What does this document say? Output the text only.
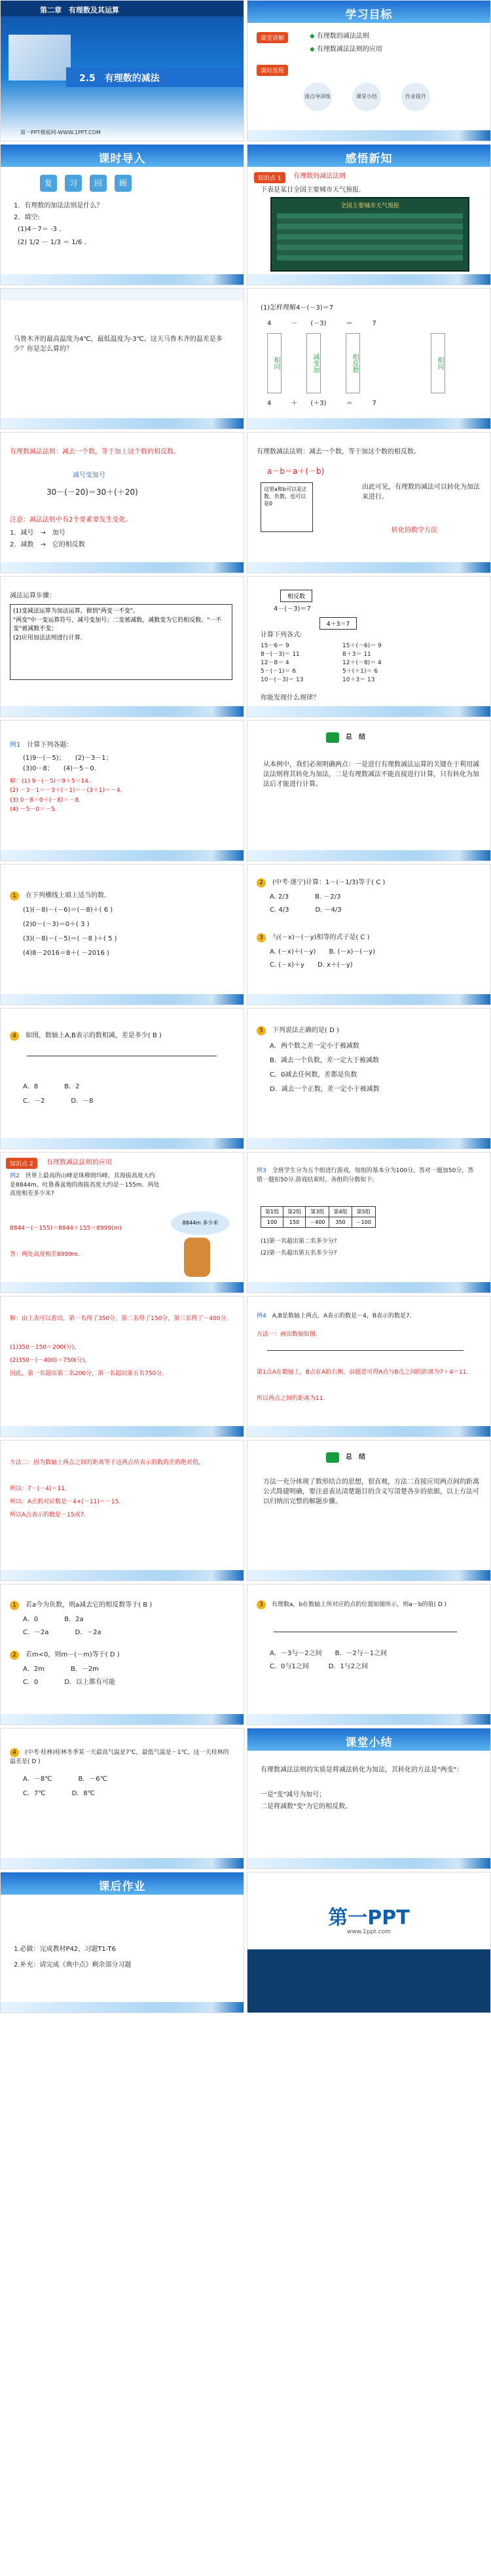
第二章　有理数及其运算
2.5　有理数的减法
第一PPT模板网-WWW.1PPT.COM
学习目标
课堂讲解	◆ 有理数的减法法则
◆ 有理数减法法则的应用
课时流程
逐点导讲练	课堂小结	作业提升
课时导入
复 习 回 顾
1．有理数的加法法则是什么？
2．填空:
(1)4－7＝ -3 ．
(2) 1/2 － 1/3 ＝ 1/6 ．
感悟新知
知识点 1	有理数的减法法则
下表是某日全国主要城市天气预报.
全国主要城市天气预报
马鲁木齐的最高温度为4℃，最低温度为-3℃。这天马鲁木齐的温差是多少？你是怎么算的？
(1)怎样理解4－(－3)＝7
4　　　	－　　 (－3)　　　	＝　　　	7
相同	减变加	相反数	相同
4　　　	＋　　 (＋3)　　　	＝　　　	7
有理数减法法则：减去一个数，等于加上这个数的相反数.
减号变加号
30－(－20)＝30＋(＋20)
注意：减法法则中有2个要素要发生变化。
1．减号　→　加号
2．减数　→　它的相反数
有理数减法法则：减去一个数，等于加这个数的相反数。
a－b＝a＋(－b)
这里a和b可以是正数、负数，也可以是0
由此可见，有理数的减法可以转化为加法来进行。
转化的数学方法
减法运算步骤：
(1)变减法运算为加法运算，做到"两变一不变"。
"两变"中一变运算符号，减号变加号；二变被减数，减数变为它的相反数。"一不变"被减数不变；
(2)应用加法法则进行计算.
相反数
4－(－3)＝7
4＋3＝7
计算下列各式:
15－6＝ 9
8－(－3)＝ 11
12－8＝ 4
5－(－1)＝ 6
10－(－3)＝ 13
15＋(－6)＝ 9
8＋3＝ 11
12＋(－8)＝ 4
5＋(＋1)＝ 6
10＋3＝ 13
你能发现什么规律？
例1　 计算下列各题：
(1)9－(－5)；　　 (2)－3－1；
(3)0－8；　　 (4)－5－0．
解：(1) 9－(－5)＝9＋5＝14.
(2) －3－1＝－3＋(－1)＝－(3＋1)＝－4.
(3) 0－8＝0＋(－8)＝－8.
(4) －5－0＝－5.
总　结
从本例中，我们必须明确两点：一是进行有理数减法运算的关键在于利用减法法则将其转化为加法，二是有理数减法不能直接进行计算，只有转化为加法后才能进行计算。
1　 在下列横线上填上适当的数.
(1)(－8)－(－6)＝(－8)＋( 6 )
(2)0－(－3)＝0＋( 3 )
(3)(－8)－(－5)＝( －8 )＋( 5 )
(4)8－2016＝8＋( －2016 )
2　 (中考·遂宁)计算：1－(－1/3)等于( C )
A. 2/3　　　　	B. －2/3
C. 4/3　　　　	D. －4/3
3　 与(－x)－(－y)相等的式子是( C )
A. (－x)＋(－y)　　 B. (－x)－(－y)
C. (－x)＋y　　 D. x＋(－y)
4　 如图，数轴上A,B表示的数相减，差是多少( B )
A．8　　　　	B．2
C．－2　　　　	D．－8
5　 下列说法正确的是( D )
A．两个数之差一定小于被减数
B．减去一个负数，差一定大于被减数
C．0减去任何数，差都是负数
D．减去一个正数，差一定小于被减数
知识点 2	有理数减法法则的应用
例2　 世界上最高的山峰是珠穆朗玛峰，其海拔高度大约是8844m，吐鲁番盆地的海拔高度大约是－155m．两处高度相差多少米?
8844－(－155)＝8844＋155＝8999(m)
答：两处高度相差8999m.
8844m 多少米
例3　 全班学生分为五个组进行游戏，每组的基本分为100分，答对一题加50分，答错一题扣50分.游戏结束时，各组的分数如下:
第1组	第2组	第3组	第4组	第5组
100	150	－400	350	－100
(1)第一名超出第二名多少分?
(2)第一名超出第五名多少分?
解：由上表可以看出，第一名得了350分，第二名得了150分，第三名得了－400分.
(1)350－150＝200(分)，
(2)350－(－400)＝750(分)，
因此，第一名超出第二名200分，第一名超出第五名750分.
例4　 A,B是数轴上两点，A表示的数是－4，B表示的数是7．
方法一：画出数轴如图.
第1点A在数轴上，B点在A的右侧，由题意可得A点与B点之间的距离为7＋4＝11.
所以两点之间的距离为11.
方法二：因为数轴上两点之间的距离等于这两点所表示的数的差的绝对值，
所以：7－(－4)＝11.
所以：A点的对应数是－4+(－11)＝－15.
所以A点表示的数是－15或7.
总　结
方法一充分体现了数形结合的思想，很直观，方法二直接应用两点间的距离公式简捷明确，要注意表达清楚题目的含义写清楚各步的依据，以上方法可以归纳出完整的解题步骤。
1　 若a今为负数，则a减去它的相反数等于( B )
A．0　　　　	B．2a
C．－2a　　　　	D．－2a
2　 若m<0，则m－(－m)等于( D )
A．2m　　　　	B．－2m
C．0　　　　	D．以上都有可能
3　 有理数a，b在数轴上所对应的点的位置如图所示，则a－b的值( D )
A．－3与－2之间　　 B．－2与－1之间
C．0与1之间　　　	D．1与2之间
4　 (中考·桂林)桂林冬季某一天最高气温是7℃，最低气温是－1℃，这一天桂林的温差是( D )
A．－8℃　　　　	B．－6℃
C．7℃　　　　	D．8℃
课堂小结
有理数减法法则的实质是将减法转化为加法，其转化的方法是"两变"：
一是"变"减号为加号；
二是将减数"变"为它的相反数。
课后作业
1.必做：完成教材P42，习题T1-T6
2.补充：请完成《典中点》剩余部分习题
第一PPT
www.1ppt.com
